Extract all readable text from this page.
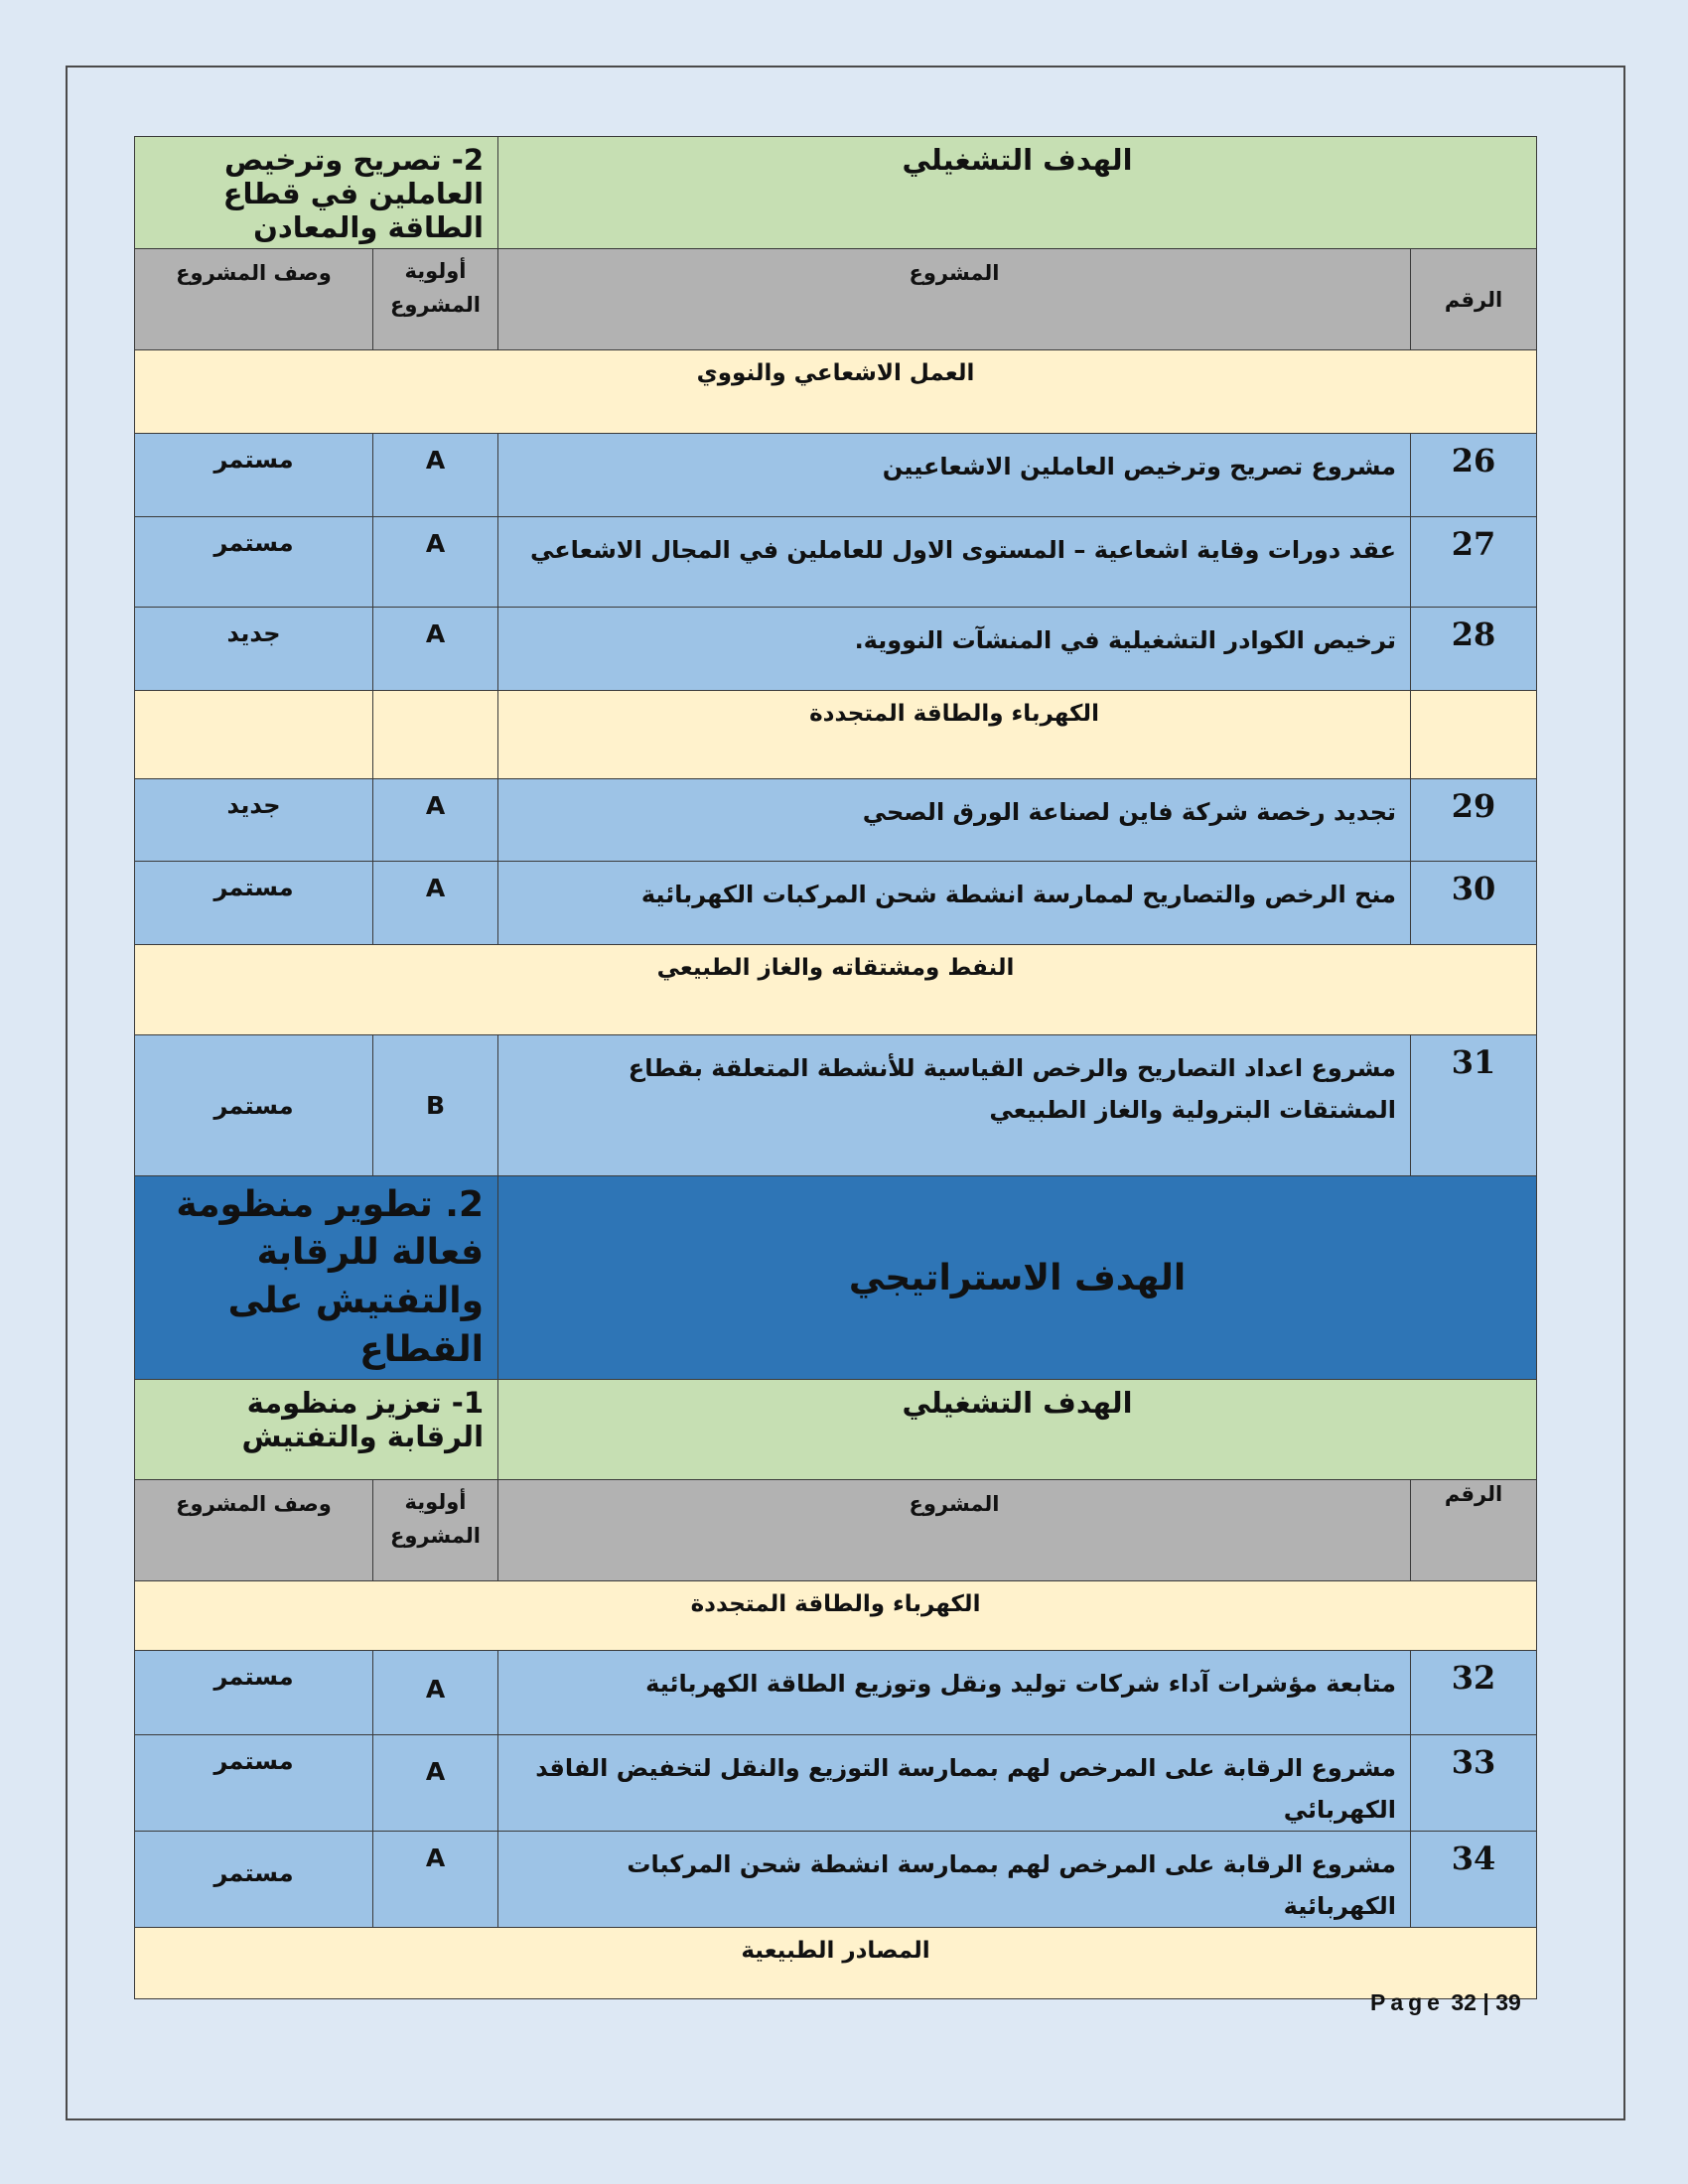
الهدف التشغيلي		2- تصريح وترخيص العاملين في قطاع الطاقة والمعادن	
الرقم	المشروع	أولوية المشروع	وصف المشروع
العمل الاشعاعي والنووي			
26	مشروع تصريح وترخيص العاملين الاشعاعيين	A	مستمر
27	عقد دورات وقاية اشعاعية – المستوى الاول للعاملين في المجال الاشعاعي	A	مستمر
28	ترخيص الكوادر التشغيلية في المنشآت النووية.	A	جديد
	الكهرباء والطاقة المتجددة		
29	تجديد رخصة شركة فاين لصناعة الورق الصحي	A	جديد
30	منح الرخص والتصاريح لممارسة انشطة شحن المركبات الكهربائية	A	مستمر
النفط ومشتقاته والغاز الطبيعي			
31	مشروع اعداد التصاريح والرخص القياسية للأنشطة المتعلقة بقطاع المشتقات البترولية والغاز الطبيعي	B	مستمر
الهدف الاستراتيجي		2. تطوير منظومة فعالة للرقابة والتفتيش على القطاع	
الهدف التشغيلي		1- تعزيز منظومة الرقابة والتفتيش	
الرقم	المشروع	أولوية المشروع	وصف المشروع
الكهرباء والطاقة المتجددة			
32	متابعة مؤشرات آداء شركات توليد ونقل وتوزيع الطاقة الكهربائية	A	مستمر
33	مشروع الرقابة على المرخص لهم بممارسة التوزيع والنقل لتخفيض الفاقد الكهربائي	A	مستمر
34	مشروع الرقابة على المرخص لهم بممارسة انشطة شحن المركبات الكهربائية	A	مستمر
المصادر الطبيعية			
Page 32 | 39
